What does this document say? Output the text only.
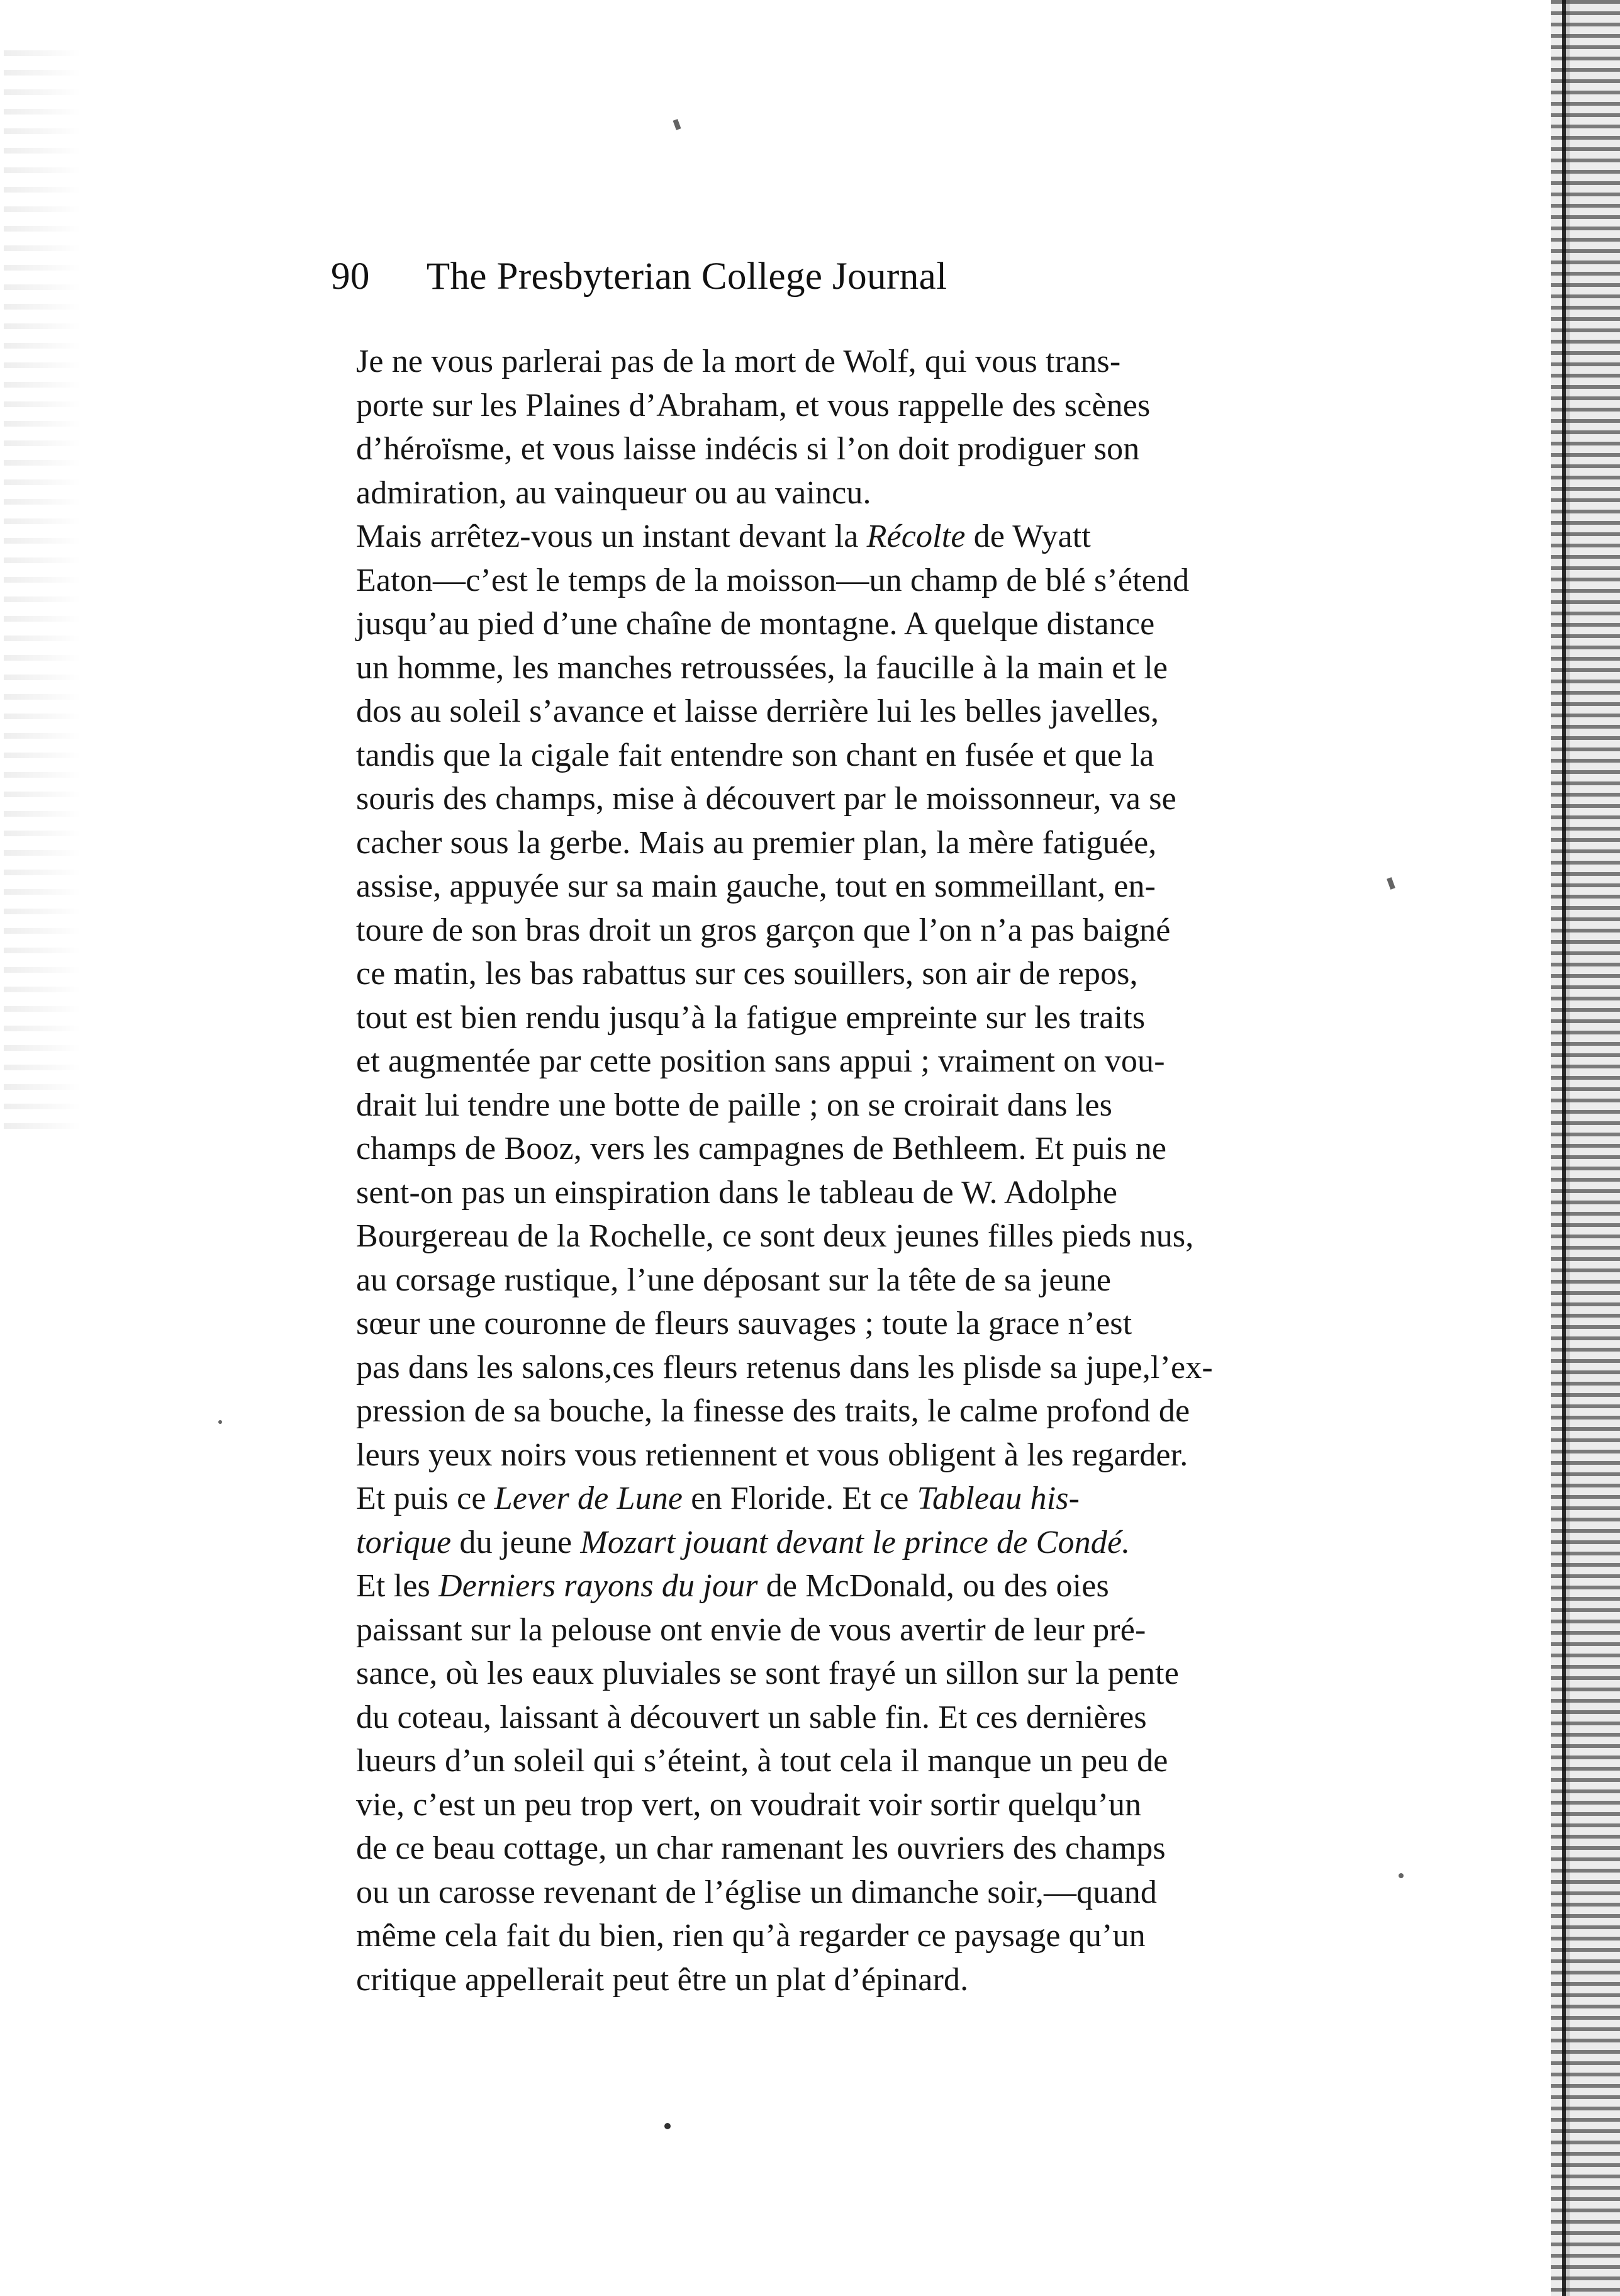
90 The Presbyterian College Journal

Je ne vous parlerai pas de la mort de Wolf, qui vous trans-
porte sur les Plaines d’Abraham, et vous rappelle des scènes
d’héroïsme, et vous laisse indécis si l’on doit prodiguer son
admiration, au vainqueur ou au vaincu.

Mais arrêtez-vous un instant devant la Récolte de Wyatt
Eaton—c’est le temps de la moisson—un champ de blé s’étend
jusqu’au pied d’une chaîne de montagne. A quelque distance
un homme, les manches retroussées, la faucille à la main et le
dos au soleil s’avance et laisse derrière lui les belles javelles,
tandis que la cigale fait entendre son chant en fusée et que la
souris des champs, mise à découvert par le moissonneur, va se
cacher sous la gerbe. Mais au premier plan, la mère fatiguée,
assise, appuyée sur sa main gauche, tout en sommeillant, en-
toure de son bras droit un gros garçon que l’on n’a pas baigné
ce matin, les bas rabattus sur ces souillers, son air de repos,
tout est bien rendu jusqu’à la fatigue empreinte sur les traits
et augmentée par cette position sans appui ; vraiment on vou-
drait lui tendre une botte de paille ; on se croirait dans les
champs de Booz, vers les campagnes de Bethleem. Et puis ne
sent-on pas un einspiration dans le tableau de W. Adolphe
Bourgereau de la Rochelle, ce sont deux jeunes filles pieds nus,
au corsage rustique, l’une déposant sur la tête de sa jeune
sœur une couronne de fleurs sauvages ; toute la grace n’est
pas dans les salons,ces fleurs retenus dans les plisde sa jupe,l’ex-
pression de sa bouche, la finesse des traits, le calme profond de
leurs yeux noirs vous retiennent et vous obligent à les regarder.

Et puis ce Lever de Lune en Floride. Et ce Tableau his-
torique du jeune Mozart jouant devant le prince de Condé.

Et les Derniers rayons du jour de McDonald, ou des oies
paissant sur la pelouse ont envie de vous avertir de leur pré-
sance, où les eaux pluviales se sont frayé un sillon sur la pente
du coteau, laissant à découvert un sable fin. Et ces dernières
lueurs d’un soleil qui s’éteint, à tout cela il manque un peu de
vie, c’est un peu trop vert, on voudrait voir sortir quelqu’un
de ce beau cottage, un char ramenant les ouvriers des champs
ou un carosse revenant de l’église un dimanche soir,—quand
même cela fait du bien, rien qu’à regarder ce paysage qu’un
critique appellerait peut être un plat d’épinard.
